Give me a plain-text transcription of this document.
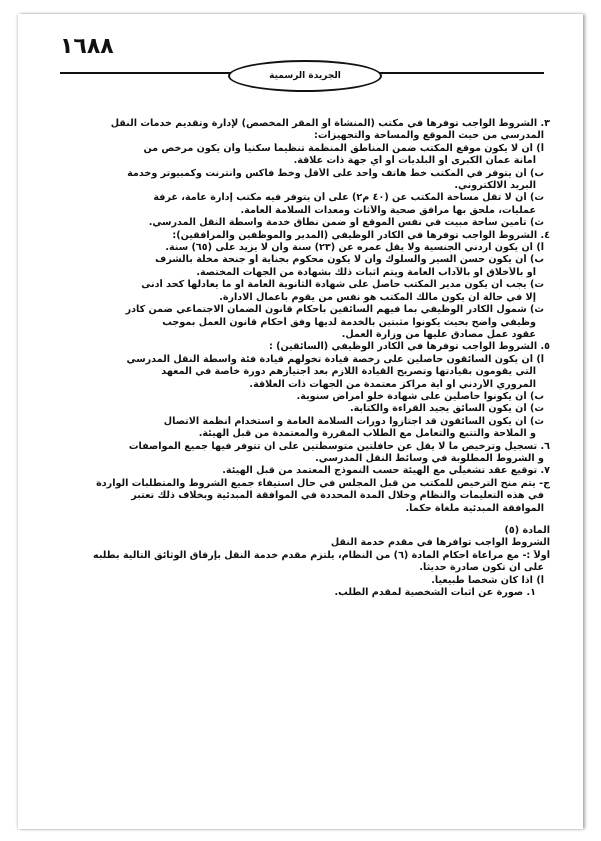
١٦٨٨
الجريدة الرسمية
٣. الشروط الواجب توفرها في مكتب (المنشأة أو المقر المخصص) لإدارة وتقديم خدمات النقل
المدرسي من حيث الموقع والمساحة والتجهيزات:
أ) أن لا يكون موقع المكتب ضمن المناطق المنظمة تنظيماً سكنيا وأن يكون مرخص من
أمانة عمان الكبرى أو البلديات أو أي جهة ذات علاقة.
ب) أن يتوفر في المكتب خط هاتف واحد على الأقل وخط فاكس وانترنت وكمبيوتر وخدمة
البريد الالكتروني.
ت) أن لا تقل مساحة المكتب عن (٤٠ م٢) على أن يتوفر فيه مكتب إدارة عامة، غرفة
عمليات، ملحق بها مرافق صحية والأثاث ومعدات السلامة العامة.
ث) تأمين ساحة مبيت في نفس الموقع أو ضمن نطاق خدمة واسطة النقل المدرسي.
٤. الشروط الواجب توفرها في الكادر الوظيفي (المدير والموظفين والمرافقين):
أ) أن يكون أردني الجنسية ولا يقل عمره عن (٢٣) سنة وأن لا يزيد على (٦٥) سنة.
ب) أن يكون حسن السير والسلوك وأن لا يكون محكوم بجناية أو جنحة مخلة بالشرف
أو بالأخلاق أو بالآداب العامة ويتم اثبات ذلك بشهادة من الجهات المختصة.
ت) يجب أن يكون مدير المكتب حاصل على شهادة الثانوية العامة أو ما يعادلها كحد أدنى
إلا في حالة أن يكون مالك المكتب هو نفس من يقوم بأعمال الادارة.
ث) شمول الكادر الوظيفي بما فيهم السائقين بأحكام قانون الضمان الاجتماعي ضمن كادر
وظيفي واضح بحيث يكونوا مثبتين بالخدمة لديها وفق أحكام قانون العمل بموجب
عقود عمل مصادق عليها من وزارة العمل.
٥. الشروط الواجب توفرها في الكادر الوظيفي (السائقين) :
أ) أن يكون السائقون حاصلين على رخصة قيادة تخولهم قيادة فئة واسطة النقل المدرسي
التي يقومون بقيادتها وتصريح القيادة اللازم بعد اجتيازهم دورة خاصة في المعهد
المروري الأردني أو أية مراكز معتمدة من الجهات ذات العلاقة.
ب) أن يكونوا حاصلين على شهادة خلو أمراض سنوية.
ت) أن يكون السائق يجيد القراءة والكتابة.
ث) أن يكون السائقون قد اجتازوا دورات السلامة العامة و استخدام أنظمة الاتصال
و الملاحة والتتبع والتعامل مع الطلاب المقررة والمعتمدة من قبل الهيئة.
٦. تسجيل وترخيص ما لا يقل عن حافلتين متوسطتين على ان تتوفر فيها جميع المواصفات
و الشروط المطلوبة في وسائط النقل المدرسي.
٧. توقيع عقد تشغيلي مع الهيئة حسب النموذج المعتمد من قبل الهيئة.
ج- يتم منح الترخيص للمكتب من قبل المجلس في حال استيفاء جميع الشروط والمتطلبات الواردة
في هذه التعليمات والنظام وخلال المدة المحددة في الموافقة المبدئية وبخلاف ذلك تعتبر
الموافقة المبدئية ملغاة حكماً.
المادة (٥)
الشروط الواجب توافرها في مقدم خدمة النقل
أولاً :- مع مراعاة أحكام المادة (٦) من النظام، يلتزم مقدم خدمة النقل بإرفاق الوثائق التالية بطلبه
على ان تكون صادرة حديثاً.
أ) اذا كان شخصاً طبيعياً.
١. صورة عن اثبات الشخصية لمقدم الطلب.
